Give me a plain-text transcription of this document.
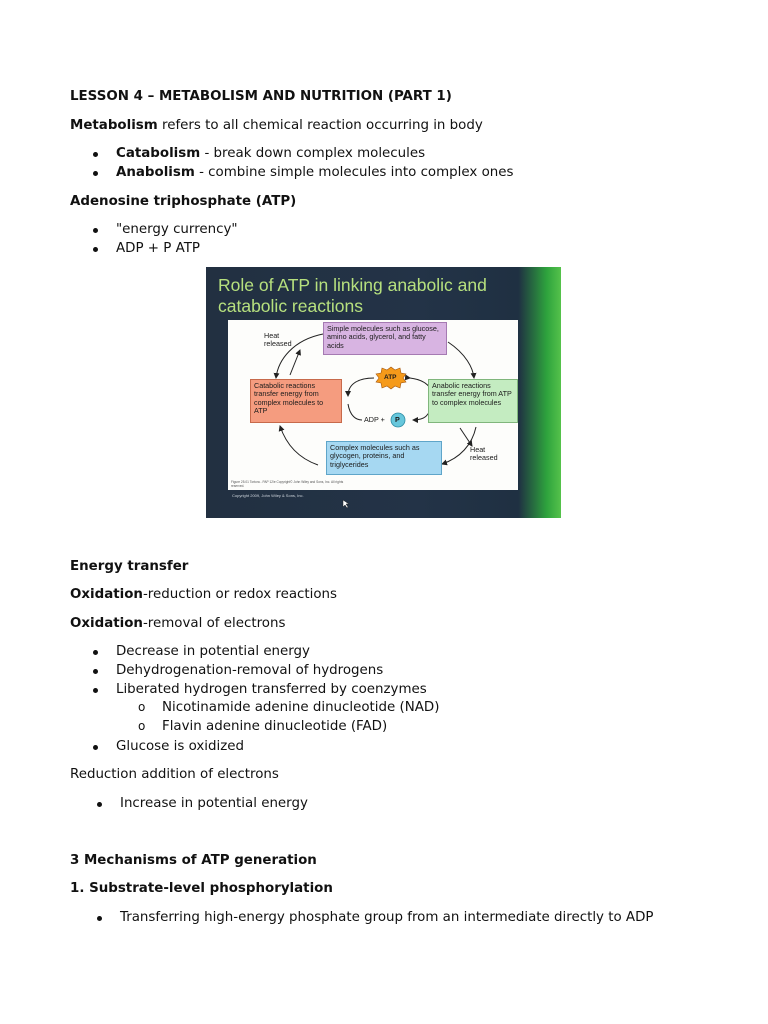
LESSON 4 – METABOLISM AND NUTRITION (PART 1)
Metabolism refers to all chemical reaction occurring in body
Catabolism - break down complex molecules
Anabolism - combine simple molecules into complex ones
Adenosine triphosphate (ATP)
"energy currency"
ADP + P ATP
Role of ATP in linking anabolic and catabolic reactions
Simple molecules such as glucose, amino acids, glycerol, and fatty acids
Catabolic reactions transfer energy from complex molecules to ATP
Anabolic reactions transfer energy from ATP to complex molecules
Complex molecules such as glycogen, proteins, and triglycerides
Heat released
Heat released
ATP
ADP + P
Figure 25.01 Tortora - PAP 12/e Copyright© John Wiley and Sons, Inc. All rights reserved.
Copyright 2009, John Wiley & Sons, Inc.
Energy transfer
Oxidation-reduction or redox reactions
Oxidation-removal of electrons
Decrease in potential energy
Dehydrogenation-removal of hydrogens
Liberated hydrogen transferred by coenzymes
o Nicotinamide adenine dinucleotide (NAD)
o Flavin adenine dinucleotide (FAD)
Glucose is oxidized
Reduction addition of electrons
Increase in potential energy
3 Mechanisms of ATP generation
1. Substrate-level phosphorylation
Transferring high-energy phosphate group from an intermediate directly to ADP
